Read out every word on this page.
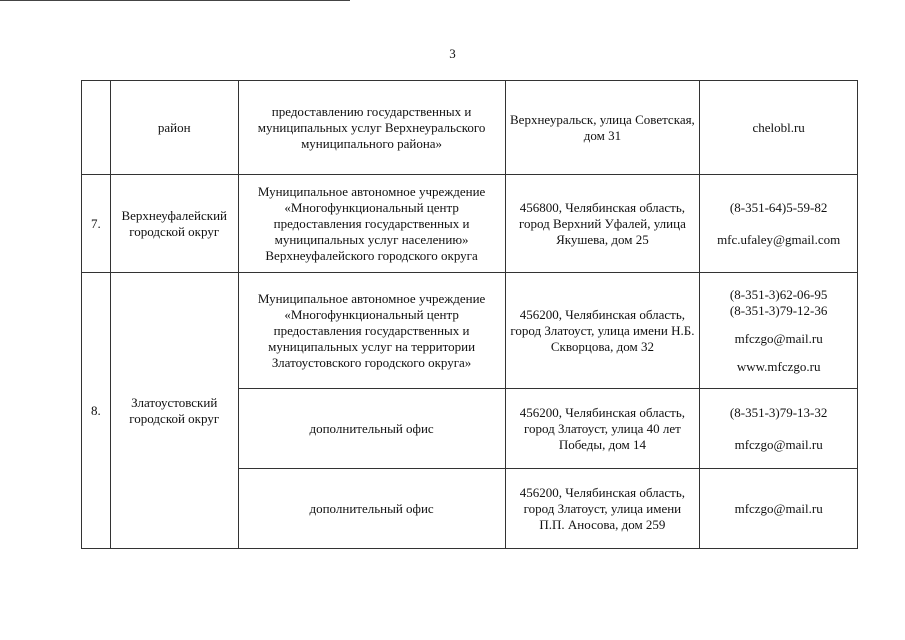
3
	район	предоставлению государственных и муниципальных услуг Верхнеуральского муниципального района»	Верхнеуральск, улица Советская, дом 31	chelobl.ru

7.	Верхнеуфалейский городской округ	Муниципальное автономное учреждение «Многофункциональный центр предоставления государственных и муниципальных услуг населению» Верхнеуфалейского городского округа	456800, Челябинская область, город Верхний Уфалей, улица Якушева, дом 25	(8-351-64)5-59-82
mfc.ufaley@gmail.com

8.	Златоустовский городской округ	Муниципальное автономное учреждение «Многофункциональный центр предоставления государственных и муниципальных услуг на территории Златоустовского городского округа»	456200, Челябинская область, город Златоуст, улица имени Н.Б. Скворцова, дом 32	(8-351-3)62-06-95
(8-351-3)79-12-36
mfczgo@mail.ru
www.mfczgo.ru

		дополнительный офис	456200, Челябинская область, город Златоуст, улица 40 лет Победы, дом 14	(8-351-3)79-13-32
mfczgo@mail.ru

		дополнительный офис	456200, Челябинская область, город Златоуст, улица имени П.П. Аносова, дом 259	mfczgo@mail.ru
